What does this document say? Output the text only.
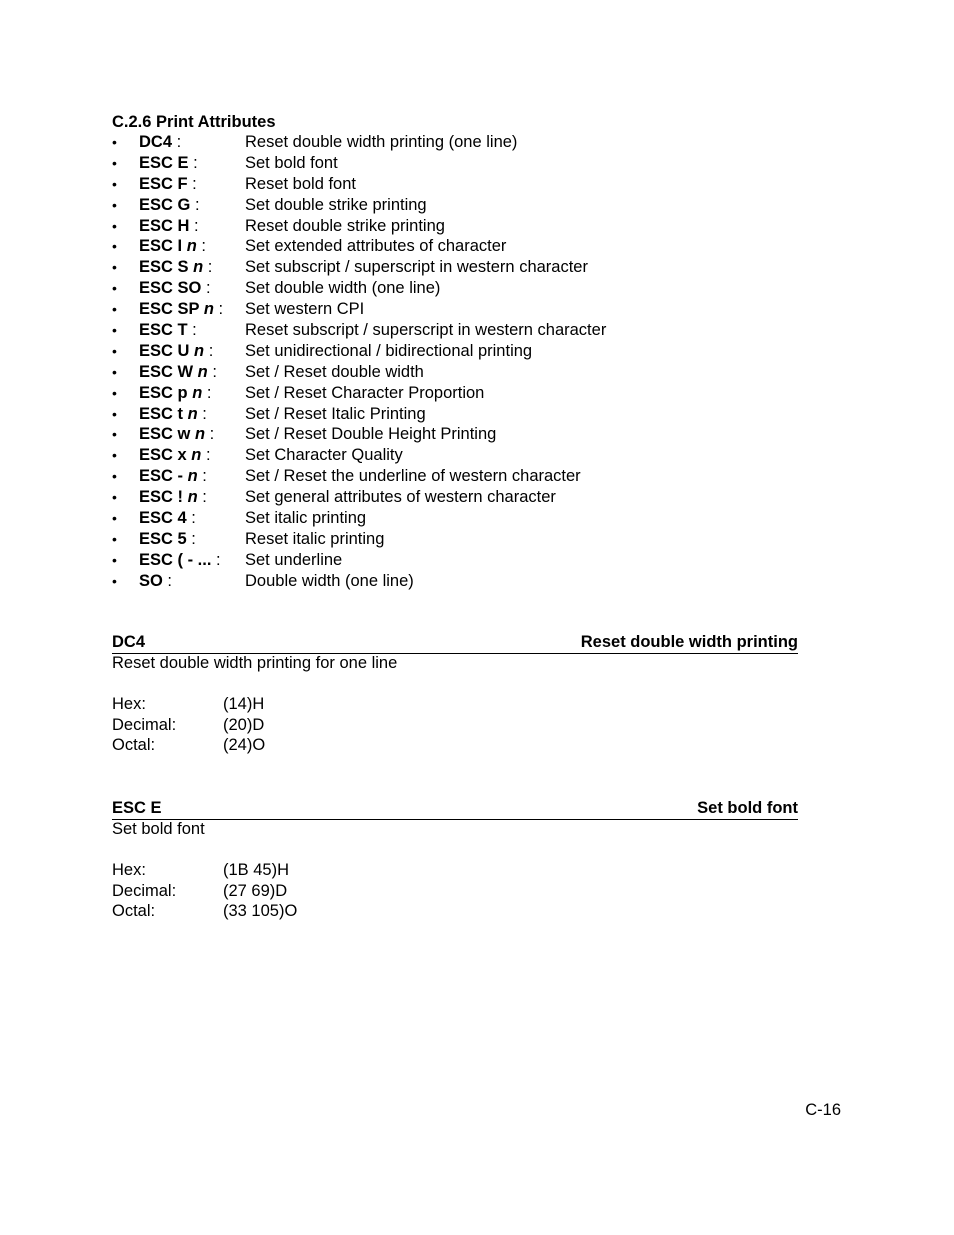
C.2.6 Print Attributes
• DC4 :	Reset double width printing (one line)
• ESC E :	Set bold font
• ESC F :	Reset bold font
• ESC G :	Set double strike printing
• ESC H :	Reset double strike printing
• ESC I n : Set extended attributes of character
• ESC S n : Set subscript / superscript in western character
• ESC SO : Set double width (one line)
• ESC SP n : Set western CPI
• ESC T :	Reset subscript / superscript in western character
• ESC U n : Set unidirectional / bidirectional printing
• ESC W n : Set / Reset double width
• ESC p n : Set / Reset Character Proportion
• ESC t n : Set / Reset Italic Printing
• ESC w n : Set / Reset Double Height Printing
• ESC x n : Set Character Quality
• ESC - n : Set / Reset the underline of western character
• ESC ! n : Set general attributes of western character
• ESC 4 :	Set italic printing
• ESC 5 :	Reset italic printing
• ESC ( - ... : Set underline
• SO :	Double width (one line)
DC4	Reset double width printing
Reset double width printing for one line
Hex:	(14)H
Decimal:	(20)D
Octal:	(24)O
ESC E	Set bold font
Set bold font
Hex:	(1B 45)H
Decimal:	(27 69)D
Octal:	(33 105)O
C-16
